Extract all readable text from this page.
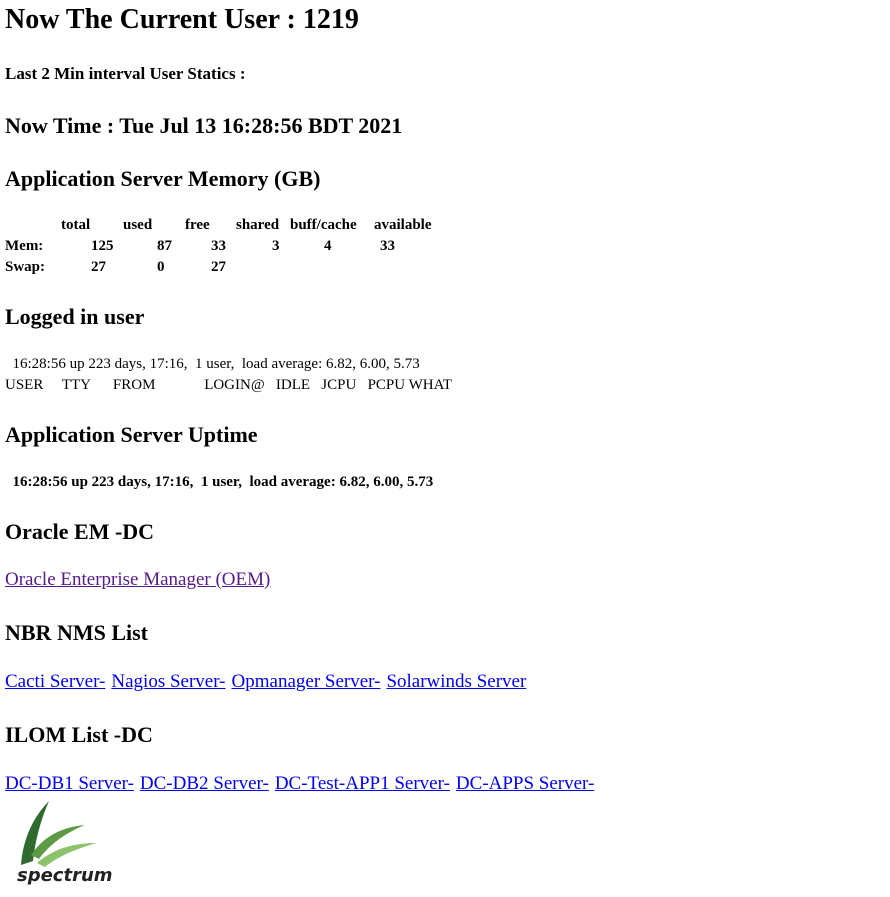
Now The Current User : 1219
Last 2 Min interval User Statics :
Now Time : Tue Jul 13 16:28:56 BDT 2021
Application Server Memory (GB)
	total	used	free	shared	buff/cache	available
Mem:	125	87	33	3	4	33
Swap:	27	0	27			
Logged in user
16:28:56 up 223 days, 17:16,  1 user,  load average: 6.82, 6.00, 5.73
USER     TTY      FROM             LOGIN@   IDLE   JCPU   PCPU WHAT
Application Server Uptime
16:28:56 up 223 days, 17:16,  1 user,  load average: 6.82, 6.00, 5.73
Oracle EM -DC
Oracle Enterprise Manager (OEM)
NBR NMS List
Cacti Server- Nagios Server- Opmanager Server- Solarwinds Server
ILOM List -DC
DC-DB1 Server- DC-DB2 Server- DC-Test-APP1 Server- DC-APPS Server-
spectrum
